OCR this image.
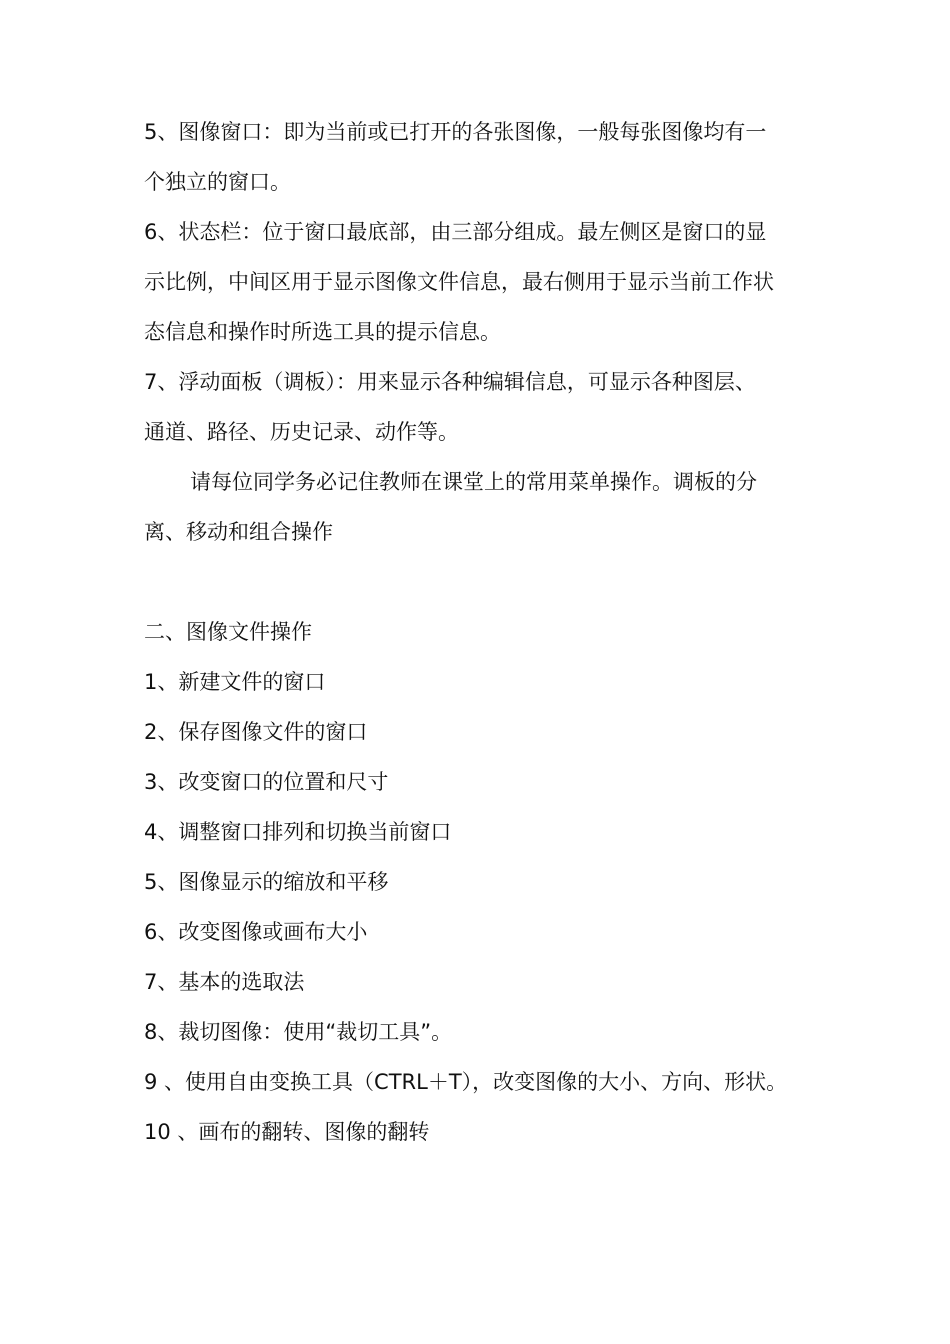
5、图像窗口：即为当前或已打开的各张图像，一般每张图像均有一
个独立的窗口。
6、状态栏：位于窗口最底部，由三部分组成。最左侧区是窗口的显
示比例，中间区用于显示图像文件信息，最右侧用于显示当前工作状
态信息和操作时所选工具的提示信息。
7、浮动面板（调板）：用来显示各种编辑信息，可显示各种图层、
通道、路径、历史记录、动作等。
请每位同学务必记住教师在课堂上的常用菜单操作。调板的分
离、移动和组合操作
二、图像文件操作
1、新建文件的窗口
2、保存图像文件的窗口
3、改变窗口的位置和尺寸
4、调整窗口排列和切换当前窗口
5、图像显示的缩放和平移
6、改变图像或画布大小
7、基本的选取法
8、裁切图像：使用“裁切工具”。
9 、使用自由变换工具（CTRL＋T），改变图像的大小、方向、形状。
10 、画布的翻转、图像的翻转
